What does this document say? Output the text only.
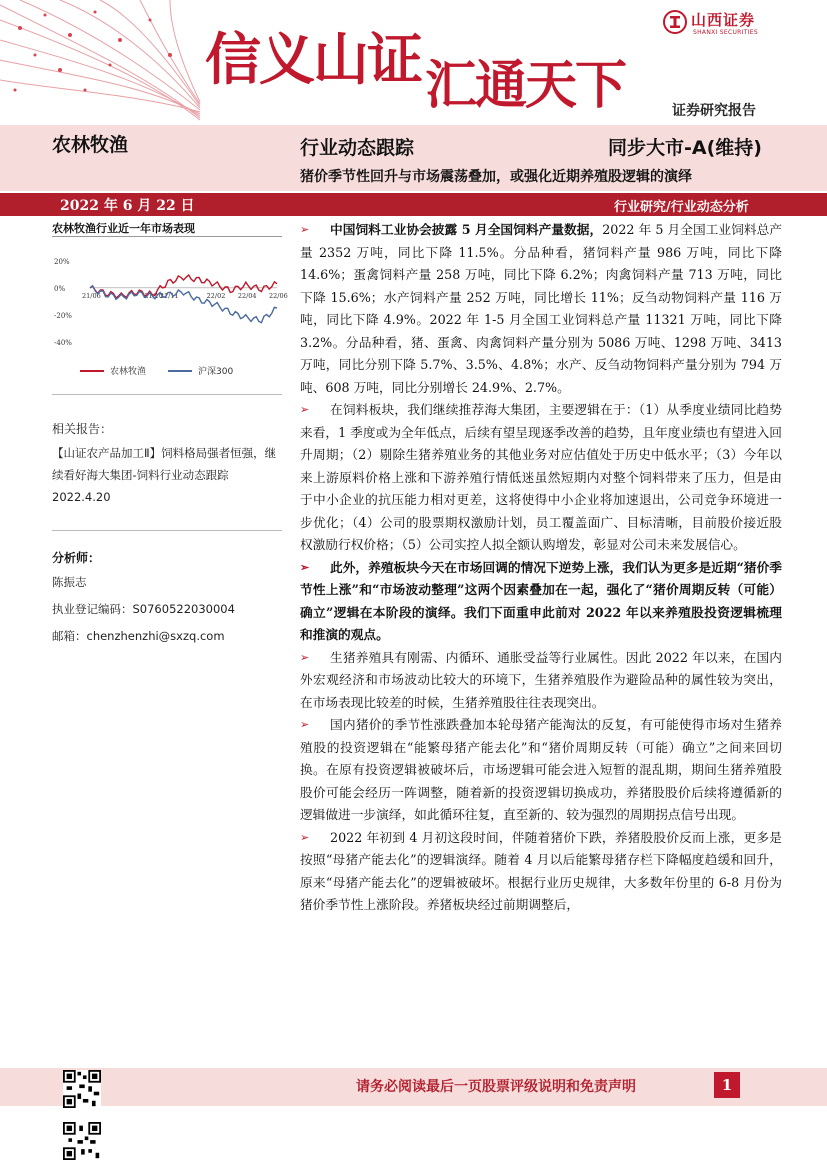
信义山证汇通天下
山西证券
SHANXI SECURITIES
证券研究报告
农林牧渔	行业动态跟踪	同步大市-A(维持)
猪价季节性回升与市场震荡叠加，或强化近期养殖股逻辑的演绎
2022 年 6 月 22 日	行业研究/行业动态分析
农林牧渔行业近一年市场表现
20%
0%
-20%
-40%
21/06	21/10
21/11	22/02 22/04 22/06
农林牧渔	沪深300
相关报告：
【山证农产品加工Ⅱ】饲料格局强者恒强，继续看好海大集团-饲料行业动态跟踪 2022.4.20
分析师：
陈振志
执业登记编码：S0760522030004
邮箱：chenzhenzhi@sxzq.com

➢ 中国饲料工业协会披露 5 月全国饲料产量数据，2022 年 5 月全国工业饲料总产量 2352 万吨，同比下降 11.5%。分品种看，猪饲料产量 986 万吨，同比下降 14.6%；蛋禽饲料产量 258 万吨，同比下降 6.2%；肉禽饲料产量 713 万吨，同比下降 15.6%；水产饲料产量 252 万吨，同比增长 11%；反刍动物饲料产量 116 万吨，同比下降 4.9%。2022 年 1-5 月全国工业饲料总产量 11321 万吨，同比下降 3.2%。分品种看，猪、蛋禽、肉禽饲料产量分别为 5086 万吨、1298 万吨、3413 万吨，同比分别下降 5.7%、3.5%、4.8%；水产、反刍动物饲料产量分别为 794 万吨、608 万吨，同比分别增长 24.9%、2.7%。

➢ 在饲料板块，我们继续推荐海大集团，主要逻辑在于：（1）从季度业绩同比趋势来看，1 季度或为全年低点，后续有望呈现逐季改善的趋势，且年度业绩也有望进入回升周期；（2）剔除生猪养殖业务的其他业务对应估值处于历史中低水平；（3）今年以来上游原料价格上涨和下游养殖行情低迷虽然短期内对整个饲料带来了压力，但是由于中小企业的抗压能力相对更差，这将使得中小企业将加速退出，公司竞争环境进一步优化；（4）公司的股票期权激励计划，员工覆盖面广、目标清晰，目前股价接近股权激励行权价格；（5）公司实控人拟全额认购增发，彰显对公司未来发展信心。

➢ 此外，养殖板块今天在市场回调的情况下逆势上涨，我们认为更多是近期“猪价季节性上涨”和“市场波动整理”这两个因素叠加在一起，强化了“猪价周期反转（可能）确立”逻辑在本阶段的演绎。我们下面重申此前对 2022 年以来养殖股投资逻辑梳理和推演的观点。

➢ 生猪养殖具有刚需、内循环、通胀受益等行业属性。因此 2022 年以来，在国内外宏观经济和市场波动比较大的环境下，生猪养殖股作为避险品种的属性较为突出，在市场表现比较差的时候，生猪养殖股往往表现突出。

➢ 国内猪价的季节性涨跌叠加本轮母猪产能淘汰的反复，有可能使得市场对生猪养殖股的投资逻辑在“能繁母猪产能去化”和“猪价周期反转（可能）确立”之间来回切换。在原有投资逻辑被破坏后，市场逻辑可能会进入短暂的混乱期，期间生猪养殖股股价可能会经历一阵调整，随着新的投资逻辑切换成功，养猪股股价后续将遵循新的逻辑做进一步演绎，如此循环往复，直至新的、较为强烈的周期拐点信号出现。

➢ 2022 年初到 4 月初这段时间，伴随着猪价下跌，养猪股股价反而上涨，更多是按照“母猪产能去化”的逻辑演绎。随着 4 月以后能繁母猪存栏下降幅度趋缓和回升，原来“母猪产能去化”的逻辑被破坏。根据行业历史规律，大多数年份里的 6-8 月份为猪价季节性上涨阶段。养猪板块经过前期调整后，

请务必阅读最后一页股票评级说明和免责声明	1
